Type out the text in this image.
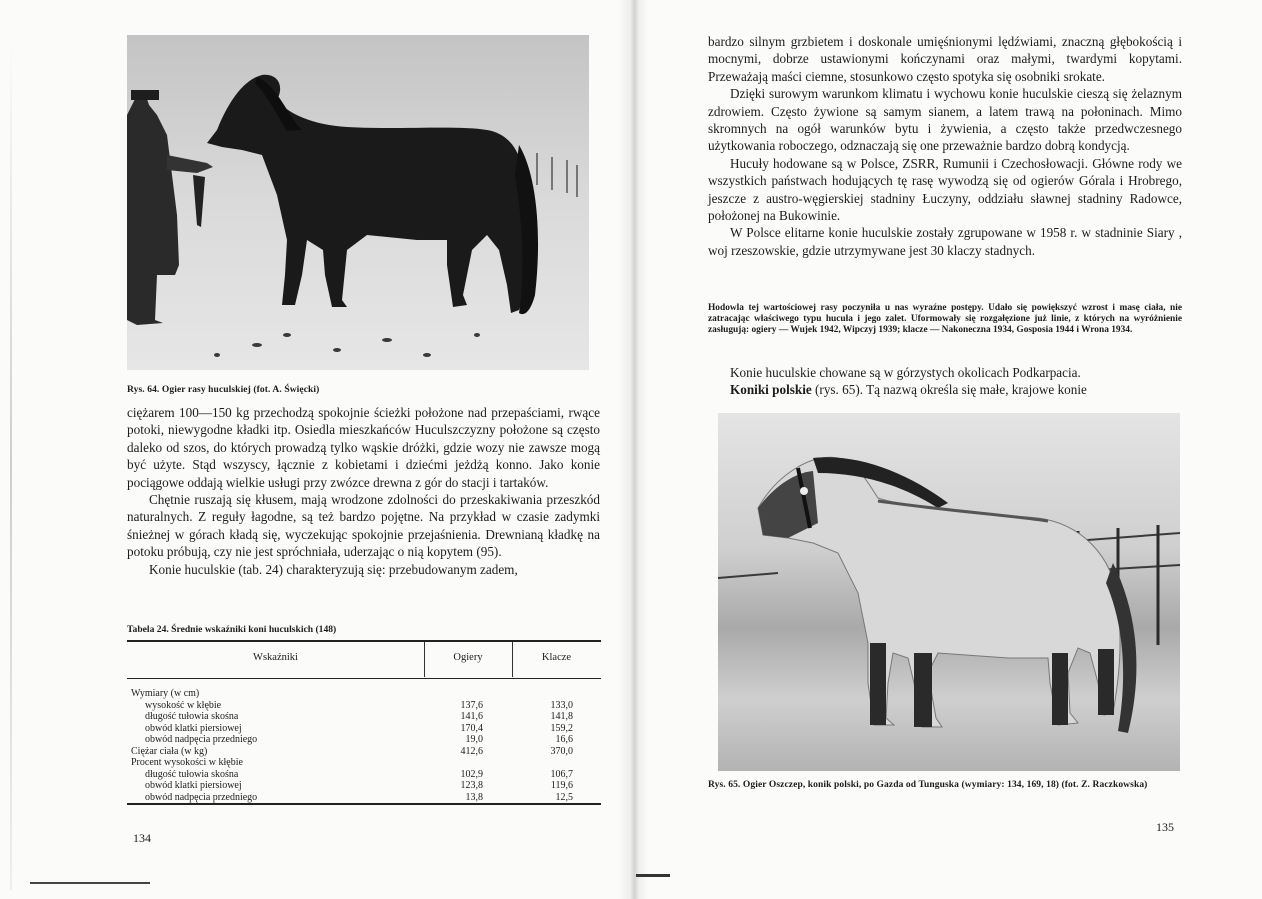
Rys. 64. Ogier rasy huculskiej (fot. A. Święcki)

ciężarem 100—150 kg przechodzą spokojnie ścieżki położone nad przepaściami, rwące potoki, niewygodne kładki itp. Osiedla mieszkańców Huculszczyzny położone są często daleko od szos, do których prowadzą tylko wąskie dróżki, gdzie wozy nie zawsze mogą być użyte. Stąd wszyscy, łącznie z kobietami i dziećmi jeżdżą konno. Jako konie pociągowe oddają wielkie usługi przy zwózce drewna z gór do stacji i tartaków.

Chętnie ruszają się kłusem, mają wrodzone zdolności do przeskakiwania przeszkód naturalnych. Z reguły łagodne, są też bardzo pojętne. Na przykład w czasie zadymki śnieżnej w górach kładą się, wyczekując spokojnie przejaśnienia. Drewnianą kładkę na potoku próbują, czy nie jest spróchniała, uderzając o nią kopytem (95).

Konie huculskie (tab. 24) charakteryzują się: przebudowanym zadem,

Tabela 24. Średnie wskaźniki koni huculskich (148)
Wskaźniki	Ogiery	Klacze
Wymiary (w cm)
wysokość w kłębie	137,6	133,0
długość tułowia skośna	141,6	141,8
obwód klatki piersiowej	170,4	159,2
obwód nadpęcia przedniego	19,0	16,6
Ciężar ciała (w kg)	412,6	370,0
Procent wysokości w kłębie
długość tułowia skośna	102,9	106,7
obwód klatki piersiowej	123,8	119,6
obwód nadpęcia przedniego	13,8	12,5
134

bardzo silnym grzbietem i doskonale umięśnionymi lędźwiami, znaczną głębokością i mocnymi, dobrze ustawionymi kończynami oraz małymi, twardymi kopytami. Przeważają maści ciemne, stosunkowo często spotyka się osobniki srokate.

Dzięki surowym warunkom klimatu i wychowu konie huculskie cieszą się żelaznym zdrowiem. Często żywione są samym sianem, a latem trawą na połoninach. Mimo skromnych na ogół warunków bytu i żywienia, a często także przedwczesnego użytkowania roboczego, odznaczają się one przeważnie bardzo dobrą kondycją.

Hucuły hodowane są w Polsce, ZSRR, Rumunii i Czechosłowacji. Główne rody we wszystkich państwach hodujących tę rasę wywodzą się od ogierów Górala i Hrobrego, jeszcze z austro-węgierskiej stadniny Łuczyny, oddziału sławnej stadniny Radowce, położonej na Bukowinie.

W Polsce elitarne konie huculskie zostały zgrupowane w 1958 r. w stadninie Siary , woj rzeszowskie, gdzie utrzymywane jest 30 klaczy stadnych.

Hodowla tej wartościowej rasy poczyniła u nas wyraźne postępy. Udało się powiększyć wzrost i masę ciała, nie zatracając właściwego typu hucuła i jego zalet. Uformowały się rozgałęzione już linie, z których na wyróżnienie zasługują: ogiery — Wujek 1942, Wipczyj 1939; klacze — Nakoneczna 1934, Gosposia 1944 i Wrona 1934.

Konie huculskie chowane są w górzystych okolicach Podkarpacia.

Koniki polskie (rys. 65). Tą nazwą określa się małe, krajowe konie

Rys. 65. Ogier Oszczep, konik polski, po Gazda od Tunguska (wymiary: 134, 169, 18) (fot. Z. Raczkowska)
135
